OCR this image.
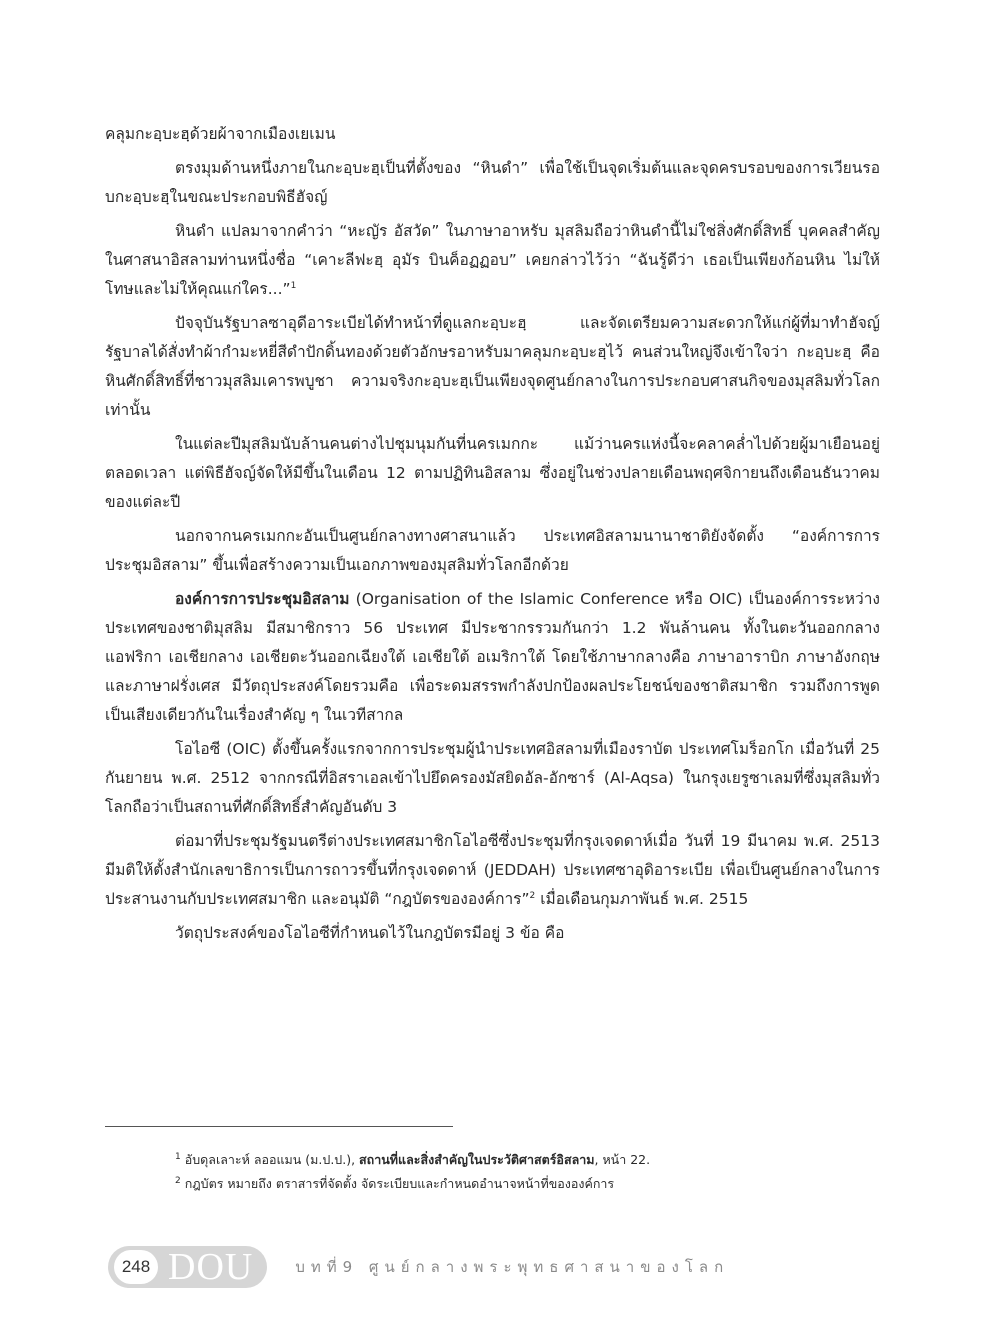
คลุมกะอฺบะฮฺด้วยผ้าจากเมืองเยเมน

ตรงมุมด้านหนึ่งภายในกะอฺบะฮฺเป็นที่ตั้งของ “หินดำ” เพื่อใช้เป็นจุดเริ่มต้นและจุดครบรอบของการเวียนรอบกะอฺบะฮฺในขณะประกอบพิธีฮัจญ์

หินดำ แปลมาจากคำว่า “หะญัร อัสวัด” ในภาษาอาหรับ มุสลิมถือว่าหินดำนี้ไม่ใช่สิ่งศักดิ์สิทธิ์ บุคคลสำคัญในศาสนาอิสลามท่านหนึ่งชื่อ “เคาะลีฟะฮฺ อุมัร บินค็อฏฏอบ” เคยกล่าวไว้ว่า “ฉันรู้ดีว่า เธอเป็นเพียงก้อนหิน ไม่ให้โทษและไม่ให้คุณแก่ใคร...”$^1$

ปัจจุบันรัฐบาลซาอุดีอาระเบียได้ทำหน้าที่ดูแลกะอฺบะฮฺ และจัดเตรียมความสะดวกให้แก่ผู้ที่มาทำฮัจญ์ รัฐบาลได้สั่งทำผ้ากำมะหยี่สีดำปักดิ้นทองด้วยตัวอักษรอาหรับมาคลุมกะอฺบะฮฺไว้ คนส่วนใหญ่จึงเข้าใจว่า กะอฺบะฮฺ คือหินศักดิ์สิทธิ์ที่ชาวมุสลิมเคารพบูชา ความจริงกะอฺบะฮฺเป็นเพียงจุดศูนย์กลางในการประกอบศาสนกิจของมุสลิมทั่วโลกเท่านั้น

ในแต่ละปีมุสลิมนับล้านคนต่างไปชุมนุมกันที่นครเมกกะ แม้ว่านครแห่งนี้จะคลาคล่ำไปด้วยผู้มาเยือนอยู่ตลอดเวลา แต่พิธีฮัจญ์จัดให้มีขึ้นในเดือน 12 ตามปฏิทินอิสลาม ซึ่งอยู่ในช่วงปลายเดือนพฤศจิกายนถึงเดือนธันวาคมของแต่ละปี

นอกจากนครเมกกะอันเป็นศูนย์กลางทางศาสนาแล้ว ประเทศอิสลามนานาชาติยังจัดตั้ง “องค์การการประชุมอิสลาม” ขึ้นเพื่อสร้างความเป็นเอกภาพของมุสลิมทั่วโลกอีกด้วย

องค์การการประชุมอิสลาม (Organisation of the Islamic Conference หรือ OIC) เป็นองค์การระหว่างประเทศของชาติมุสลิม มีสมาชิกราว 56 ประเทศ มีประชากรรวมกันกว่า 1.2 พันล้านคน ทั้งในตะวันออกกลาง แอฟริกา เอเชียกลาง เอเชียตะวันออกเฉียงใต้ เอเชียใต้ อเมริกาใต้ โดยใช้ภาษากลางคือ ภาษาอาราบิก ภาษาอังกฤษ และภาษาฝรั่งเศส มีวัตถุประสงค์โดยรวมคือ เพื่อระดมสรรพกำลังปกป้องผลประโยชน์ของชาติสมาชิก รวมถึงการพูดเป็นเสียงเดียวกันในเรื่องสำคัญ ๆ ในเวทีสากล

โอไอซี (OIC) ตั้งขึ้นครั้งแรกจากการประชุมผู้นำประเทศอิสลามที่เมืองราบัต ประเทศโมร็อกโก เมื่อวันที่ 25 กันยายน พ.ศ. 2512 จากกรณีที่อิสราเอลเข้าไปยึดครองมัสยิดอัล-อักซาร์ (Al-Aqsa) ในกรุงเยรูซาเลมที่ซึ่งมุสลิมทั่วโลกถือว่าเป็นสถานที่ศักดิ์สิทธิ์สำคัญอันดับ 3

ต่อมาที่ประชุมรัฐมนตรีต่างประเทศสมาชิกโอไอซีซึ่งประชุมที่กรุงเจดดาห์เมื่อ วันที่ 19 มีนาคม พ.ศ. 2513 มีมติให้ตั้งสำนักเลขาธิการเป็นการถาวรขึ้นที่กรุงเจดดาห์ (JEDDAH) ประเทศซาอุดิอาระเบีย เพื่อเป็นศูนย์กลางในการประสานงานกับประเทศสมาชิก และอนุมัติ “กฎบัตรขององค์การ”$^2$ เมื่อเดือนกุมภาพันธ์ พ.ศ. 2515

วัตถุประสงค์ของโอไอซีที่กำหนดไว้ในกฎบัตรมีอยู่ 3 ข้อ คือ

$^1$ อับดุลเลาะห์ ลออแมน (ม.ป.ป.), สถานที่และสิ่งสำคัญในประวัติศาสตร์อิสลาม, หน้า 22.

$^2$ กฎบัตร หมายถึง ตราสารที่จัดตั้ง จัดระเบียบและกำหนดอำนาจหน้าที่ขององค์การ

248 DOU	บทที่9 ศูนย์กลางพระพุทธศาสนาของโลก
